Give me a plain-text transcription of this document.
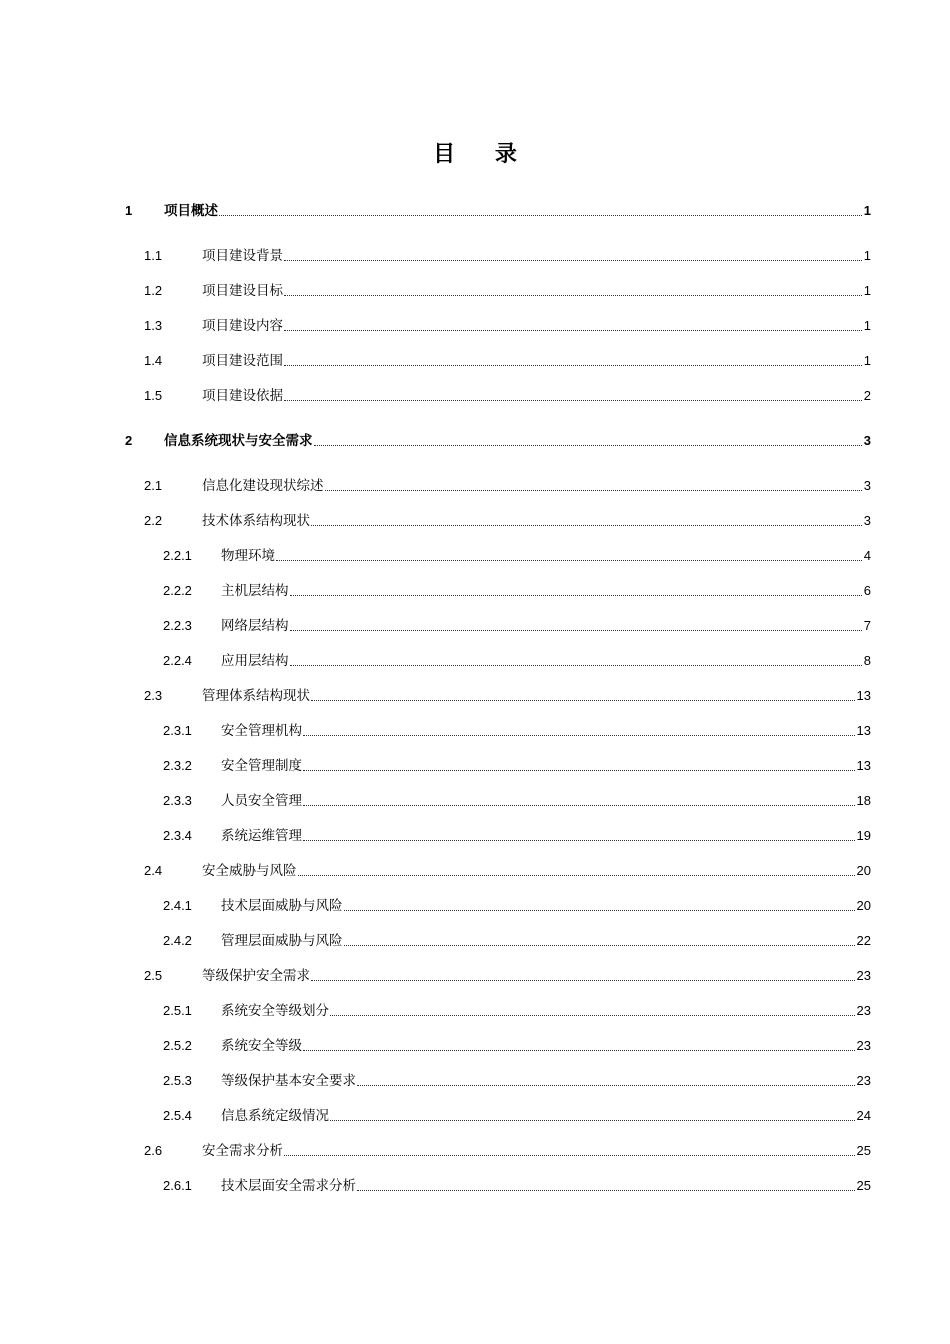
目 录
1	项目概述	1
1.1	项目建设背景	1
1.2	项目建设目标	1
1.3	项目建设内容	1
1.4	项目建设范围	1
1.5	项目建设依据	2
2	信息系统现状与安全需求	3
2.1	信息化建设现状综述	3
2.2	技术体系结构现状	3
2.2.1	物理环境	4
2.2.2	主机层结构	6
2.2.3	网络层结构	7
2.2.4	应用层结构	8
2.3	管理体系结构现状	13
2.3.1	安全管理机构	13
2.3.2	安全管理制度	13
2.3.3	人员安全管理	18
2.3.4	系统运维管理	19
2.4	安全威胁与风险	20
2.4.1	技术层面威胁与风险	20
2.4.2	管理层面威胁与风险	22
2.5	等级保护安全需求	23
2.5.1	系统安全等级划分	23
2.5.2	系统安全等级	23
2.5.3	等级保护基本安全要求	23
2.5.4	信息系统定级情况	24
2.6	安全需求分析	25
2.6.1	技术层面安全需求分析	25
